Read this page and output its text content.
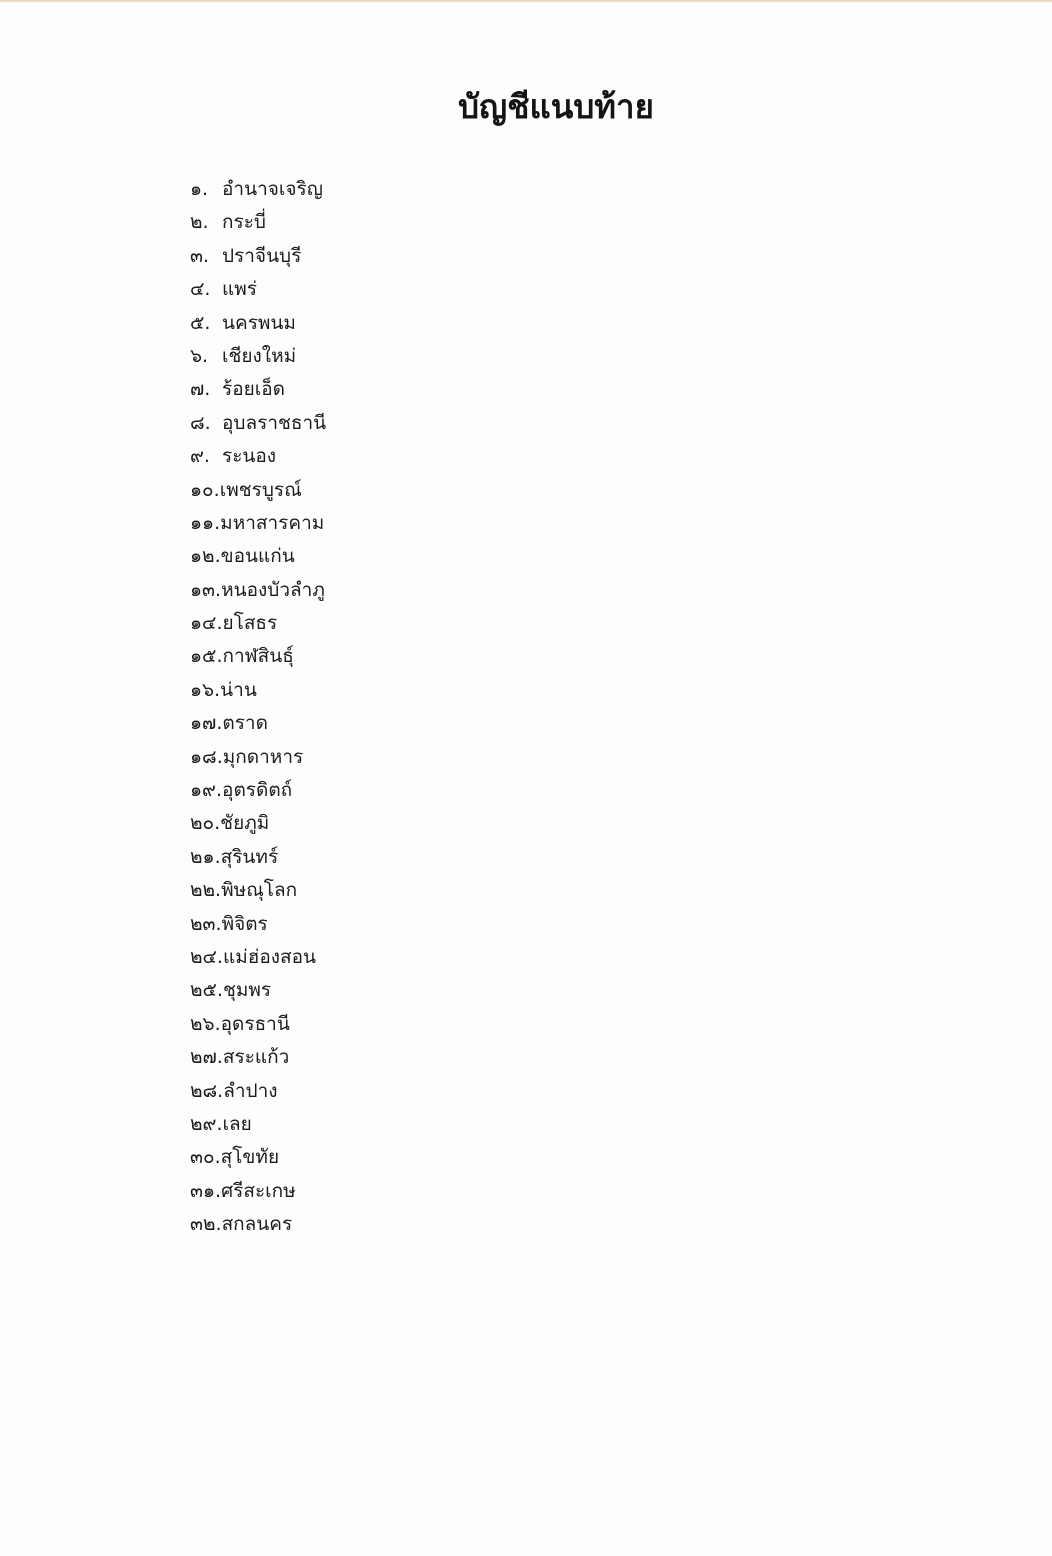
บัญชีแนบท้าย
๑. อำนาจเจริญ
๒. กระบี่
๓. ปราจีนบุรี
๔. แพร่
๕. นครพนม
๖. เชียงใหม่
๗. ร้อยเอ็ด
๘. อุบลราชธานี
๙. ระนอง
๑๐. เพชรบูรณ์
๑๑. มหาสารคาม
๑๒. ขอนแก่น
๑๓. หนองบัวลำภู
๑๔. ยโสธร
๑๕. กาฬสินธุ์
๑๖. น่าน
๑๗. ตราด
๑๘. มุกดาหาร
๑๙. อุตรดิตถ์
๒๐. ชัยภูมิ
๒๑. สุรินทร์
๒๒. พิษณุโลก
๒๓. พิจิตร
๒๔. แม่ฮ่องสอน
๒๕. ชุมพร
๒๖. อุดรธานี
๒๗. สระแก้ว
๒๘. ลำปาง
๒๙. เลย
๓๐. สุโขทัย
๓๑. ศรีสะเกษ
๓๒. สกลนคร
